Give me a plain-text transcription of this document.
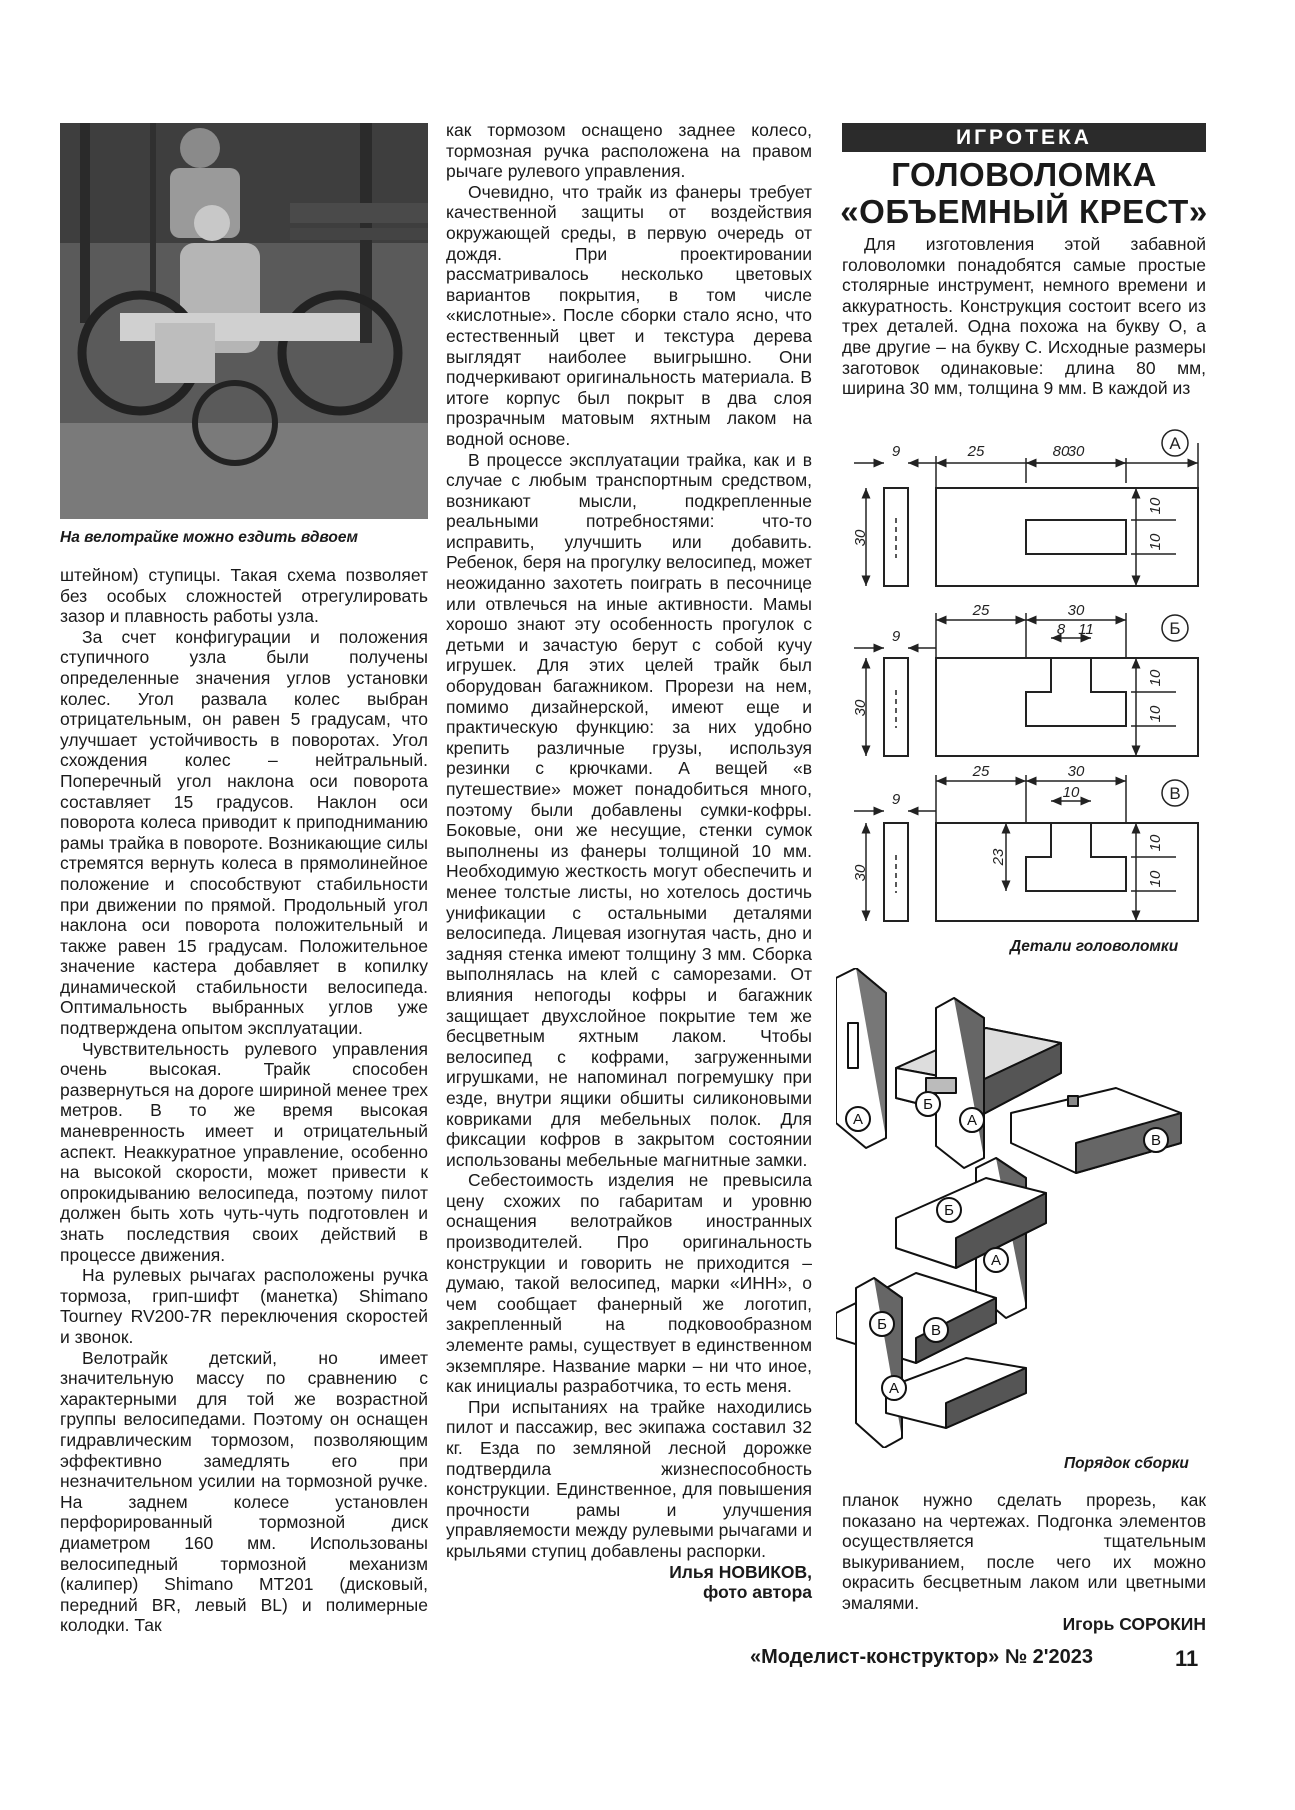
На велотрайке можно ездить вдвоем

штейном) ступицы. Такая схема позволяет без особых сложностей отрегулировать зазор и плавность работы узла.

За счет конфигурации и положения ступичного узла были получены определенные значения углов установки колес. Угол развала колес выбран отрицательным, он равен 5 градусам, что улучшает устойчивость в поворотах. Угол схождения колес – нейтральный. Поперечный угол наклона оси поворота составляет 15 градусов. Наклон оси поворота колеса приводит к приподниманию рамы трайка в повороте. Возникающие силы стремятся вернуть колеса в прямолинейное положение и способствуют стабильности при движении по прямой. Продольный угол наклона оси поворота положительный и также равен 15 градусам. Положительное значение кастера добавляет в копилку динамической стабильности велосипеда. Оптимальность выбранных углов уже подтверждена опытом эксплуатации.

Чувствительность рулевого управления очень высокая. Трайк способен развернуться на дороге шириной менее трех метров. В то же время высокая маневренность имеет и отрицательный аспект. Неаккуратное управление, особенно на высокой скорости, может привести к опрокидыванию велосипеда, поэтому пилот должен быть хоть чуть-чуть подготовлен и знать последствия своих действий в процессе движения.

На рулевых рычагах расположены ручка тормоза, грип-шифт (манетка) Shimano Tourney RV200-7R переключения скоростей и звонок.

Велотрайк детский, но имеет значительную массу по сравнению с характерными для той же возрастной группы велосипедами. Поэтому он оснащен гидравлическим тормозом, позволяющим эффективно замедлять его при незначительном усилии на тормозной ручке. На заднем колесе установлен перфорированный тормозной диск диаметром 160 мм. Использованы велосипедный тормозной механизм (калипер) Shimano MT201 (дисковый, передний BR, левый BL) и полимерные колодки. Так

как тормозом оснащено заднее колесо, тормозная ручка расположена на правом рычаге рулевого управления.

Очевидно, что трайк из фанеры требует качественной защиты от воздействия окружающей среды, в первую очередь от дождя. При проектировании рассматривалось несколько цветовых вариантов покрытия, в том числе «кислотные». После сборки стало ясно, что естественный цвет и текстура дерева выглядят наиболее выигрышно. Они подчеркивают оригинальность материала. В итоге корпус был покрыт в два слоя прозрачным матовым яхтным лаком на водной основе.

В процессе эксплуатации трайка, как и в случае с любым транспортным средством, возникают мысли, подкрепленные реальными потребностями: что-то исправить, улучшить или добавить. Ребенок, беря на прогулку велосипед, может неожиданно захотеть поиграть в песочнице или отвлечься на иные активности. Мамы хорошо знают эту особенность прогулок с детьми и зачастую берут с собой кучу игрушек. Для этих целей трайк был оборудован багажником. Прорези на нем, помимо дизайнерской, имеют еще и практическую функцию: за них удобно крепить различные грузы, используя резинки с крючками. А вещей «в путешествие» может понадобиться много, поэтому были добавлены сумки-кофры. Боковые, они же несущие, стенки сумок выполнены из фанеры толщиной 10 мм. Необходимую жесткость могут обеспечить и менее толстые листы, но хотелось достичь унификации с остальными деталями велосипеда. Лицевая изогнутая часть, дно и задняя стенка имеют толщину 3 мм. Сборка выполнялась на клей с саморезами. От влияния непогоды кофры и багажник защищает двухслойное покрытие тем же бесцветным яхтным лаком. Чтобы велосипед с кофрами, загруженными игрушками, не напоминал погремушку при езде, внутри ящики обшиты силиконовыми ковриками для мебельных полок. Для фиксации кофров в закрытом состоянии использованы мебельные магнитные замки.

Себестоимость изделия не превысила цену схожих по габаритам и уровню оснащения велотрайков иностранных производителей. Про оригинальность конструкции и говорить не приходится – думаю, такой велосипед, марки «ИНН», о чем сообщает фанерный же логотип, закрепленный на подковообразном элементе рамы, существует в единственном экземпляре. Название марки – ни что иное, как инициалы разработчика, то есть меня.

При испытаниях на трайке находились пилот и пассажир, вес экипажа составил 32 кг. Езда по земляной лесной дорожке подтвердила жизнеспособность конструкции. Единственное, для повышения прочности рамы и улучшения управляемости между рулевыми рычагами и крыльями ступиц добавлены распорки.

Илья НОВИКОВ,
фото автора
ИГРОТЕКА
ГОЛОВОЛОМКА
«ОБЪЕМНЫЙ КРЕСТ»

Для изготовления этой забавной головоломки понадобятся самые простые столярные инструмент, немного времени и аккуратность. Конструкция состоит всего из трех деталей. Одна похожа на букву О, а две другие – на букву С. Исходные размеры заготовок одинаковые: длина 80 мм, ширина 30 мм, толщина 9 мм. В каждой из

80
25	30
9
30
10
10
А
25	30
8 11
9
30
10
10
Б
25	30
10
9
30
23
10
10
В
Детали головоломки
А
Б
А
В
Б
А
Б	В
А
Порядок сборки

планок нужно сделать прорезь, как показано на чертежах. Подгонка элементов осуществляется тщательным выкуриванием, после чего их можно окрасить бесцветным лаком или цветными эмалями.

Игорь СОРОКИН
«Моделист-конструктор» № 2'2023	11
